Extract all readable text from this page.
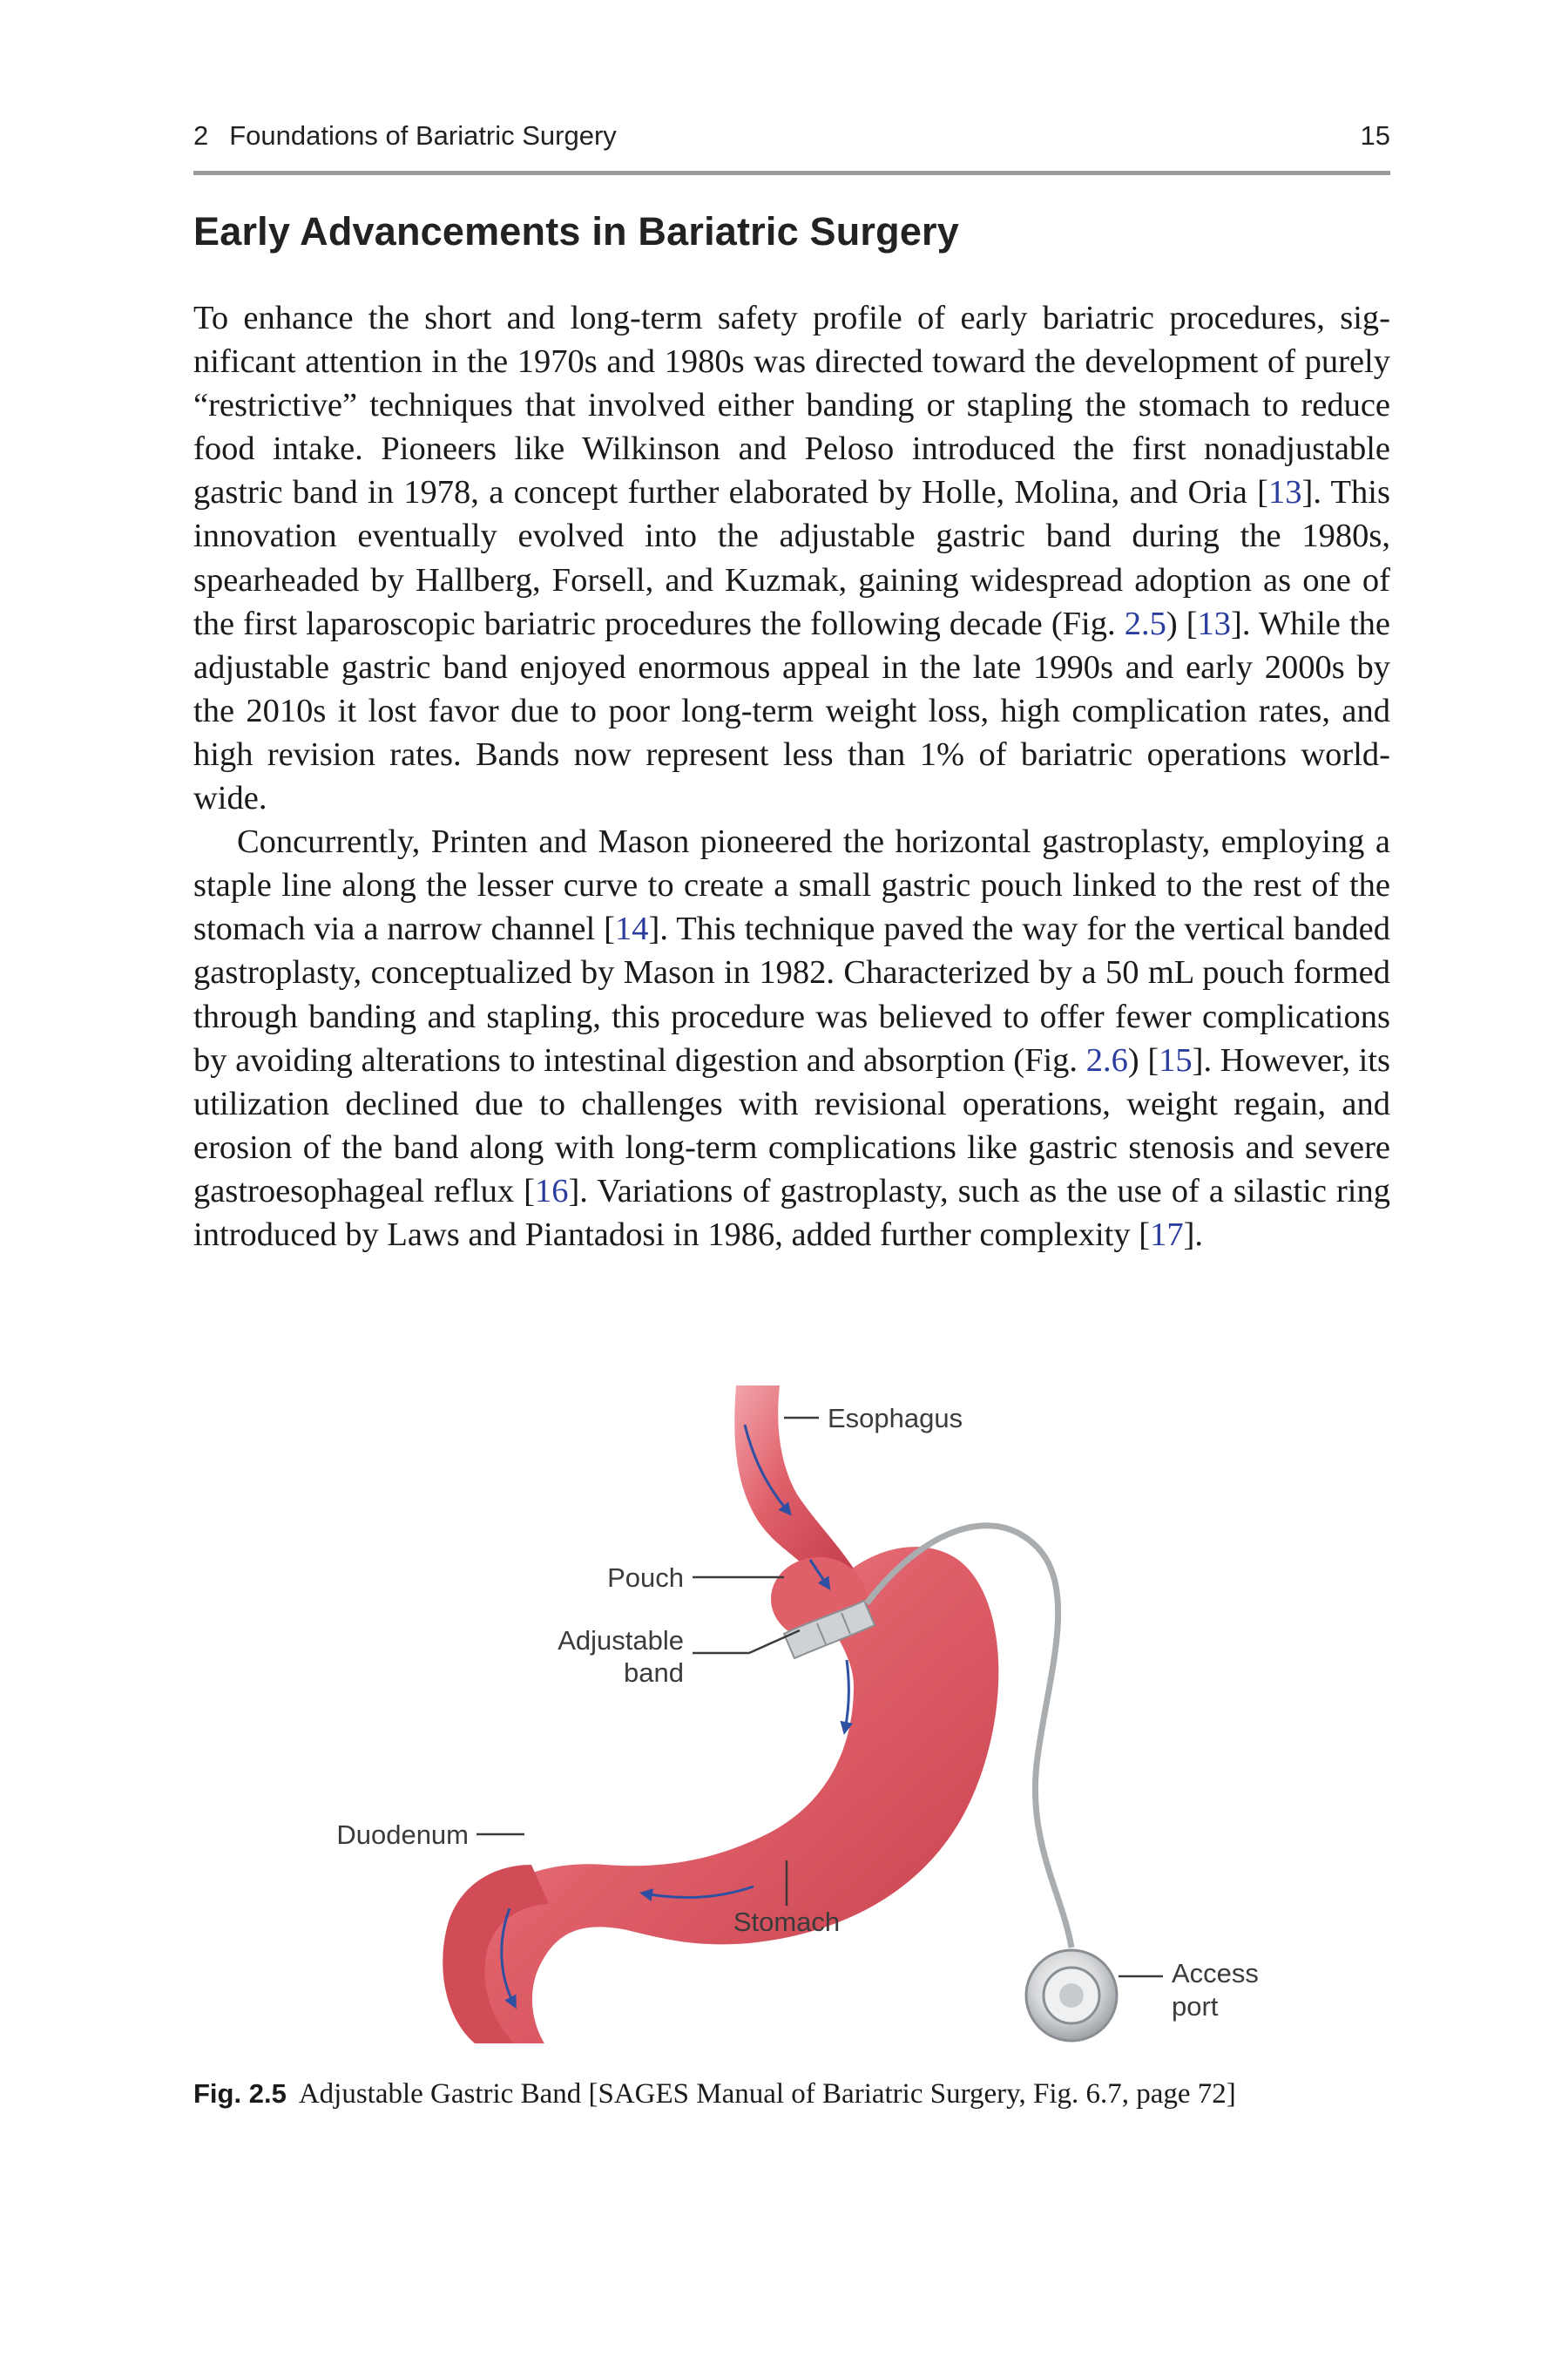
2 Foundations of Bariatric Surgery	15
Early Advancements in Bariatric Surgery

To enhance the short and long-term safety profile of early bariatric procedures, significant attention in the 1970s and 1980s was directed toward the development of purely “restrictive” techniques that involved either banding or stapling the stomach to reduce food intake. Pioneers like Wilkinson and Peloso introduced the first nonadjustable gastric band in 1978, a concept further elaborated by Holle, Molina, and Oria [13]. This innovation eventually evolved into the adjustable gastric band during the 1980s, spearheaded by Hallberg, Forsell, and Kuzmak, gaining widespread adoption as one of the first laparoscopic bariatric procedures the following decade (Fig. 2.5) [13]. While the adjustable gastric band enjoyed enormous appeal in the late 1990s and early 2000s by the 2010s it lost favor due to poor long-term weight loss, high complication rates, and high revision rates. Bands now represent less than 1% of bariatric operations world-wide.

Concurrently, Printen and Mason pioneered the horizontal gastroplasty, employing a staple line along the lesser curve to create a small gastric pouch linked to the rest of the stomach via a narrow channel [14]. This technique paved the way for the vertical banded gastroplasty, conceptualized by Mason in 1982. Characterized by a 50 mL pouch formed through banding and stapling, this procedure was believed to offer fewer complications by avoiding alterations to intestinal digestion and absorption (Fig. 2.6) [15]. However, its utilization declined due to challenges with revisional operations, weight regain, and erosion of the band along with long-term complications like gastric stenosis and severe gastroesophageal reflux [16]. Variations of gastroplasty, such as the use of a silastic ring introduced by Laws and Piantadosi in 1986, added further complexity [17].

Esophagus
Pouch
Adjustable
band
Duodenum
Stomach
Access
port
Fig. 2.5 Adjustable Gastric Band [SAGES Manual of Bariatric Surgery, Fig. 6.7, page 72]
